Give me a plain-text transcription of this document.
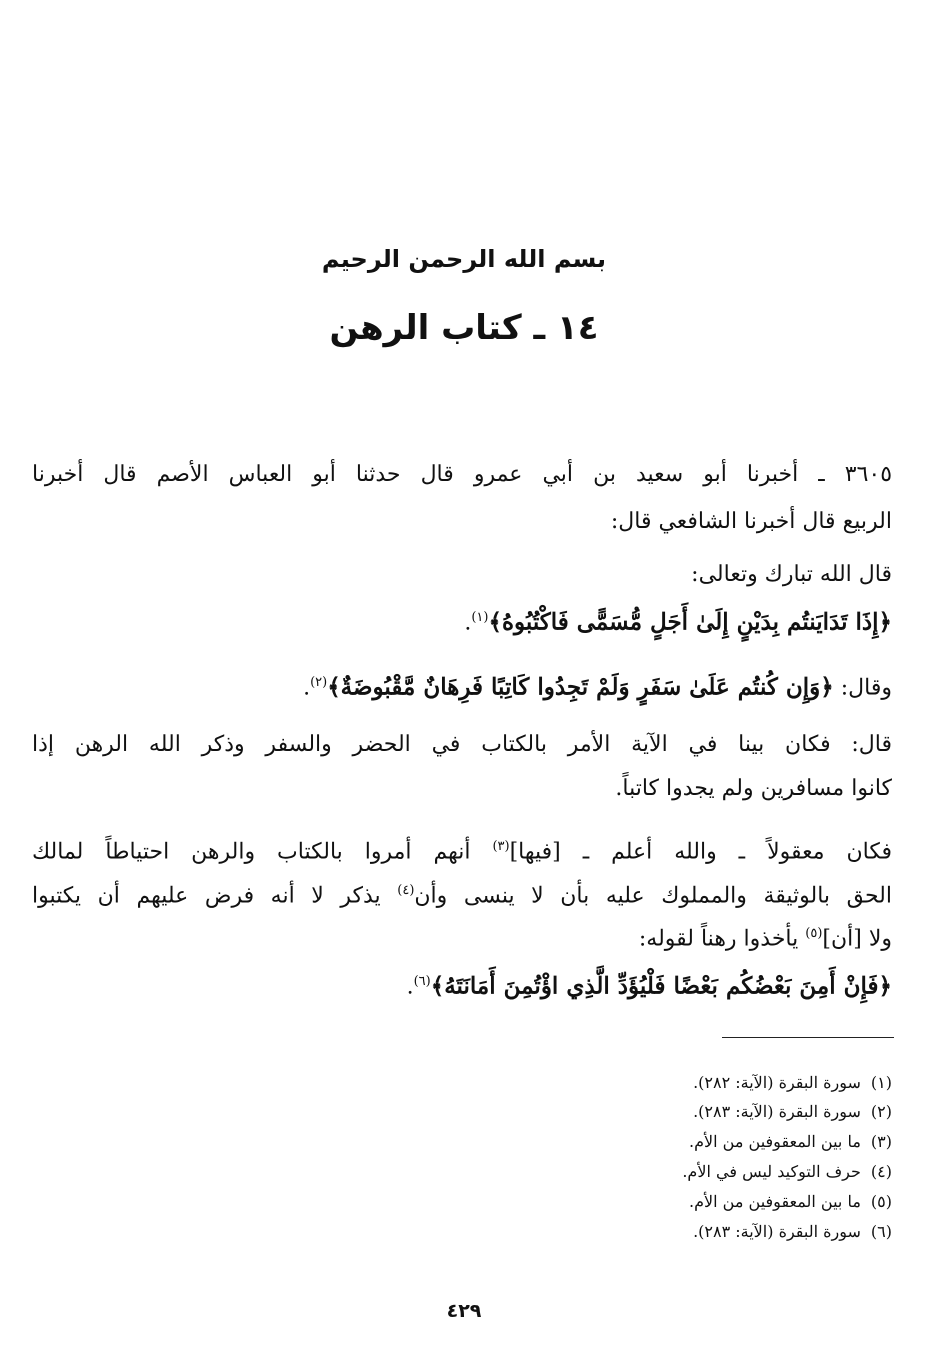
بسم الله الرحمن الرحيم
١٤ ـ كتاب الرهن
٣٦٠٥ ـ أخبرنا أبو سعيد بن أبي عمرو قال حدثنا أبو العباس الأصم قال أخبرنا
الربيع قال أخبرنا الشافعي قال:
قال الله تبارك وتعالى:
﴿إِذَا تَدَايَنتُم بِدَيْنٍ إِلَىٰ أَجَلٍ مُّسَمًّى فَاكْتُبُوهُ﴾$^{(١)}$.
وقال: ﴿وَإِن كُنتُم عَلَىٰ سَفَرٍ وَلَمْ تَجِدُوا كَاتِبًا فَرِهَانٌ مَّقْبُوضَةٌ﴾$^{(٢)}$.
قال: فكان بينا في الآية الأمر بالكتاب في الحضر والسفر وذكر الله الرهن إذا
كانوا مسافرين ولم يجدوا كاتباً.
فكان معقولاً ـ والله أعلم ـ [فيها]$^{(٣)}$ أنهم أمروا بالكتاب والرهن احتياطاً لمالك
الحق بالوثيقة والمملوك عليه بأن لا ينسى وأن$^{(٤)}$ يذكر لا أنه فرض عليهم أن يكتبوا
ولا [أن]$^{(٥)}$ يأخذوا رهناً لقوله:
﴿فَإِنْ أَمِنَ بَعْضُكُم بَعْضًا فَلْيُؤَدِّ الَّذِي اؤْتُمِنَ أَمَانَتَهُ﴾$^{(٦)}$.
(١)سورة البقرة (الآية: ٢٨٢).
(٢)سورة البقرة (الآية: ٢٨٣).
(٣)ما بين المعقوفين من الأم.
(٤)حرف التوكيد ليس في الأم.
(٥)ما بين المعقوفين من الأم.
(٦)سورة البقرة (الآية: ٢٨٣).
٤٢٩
